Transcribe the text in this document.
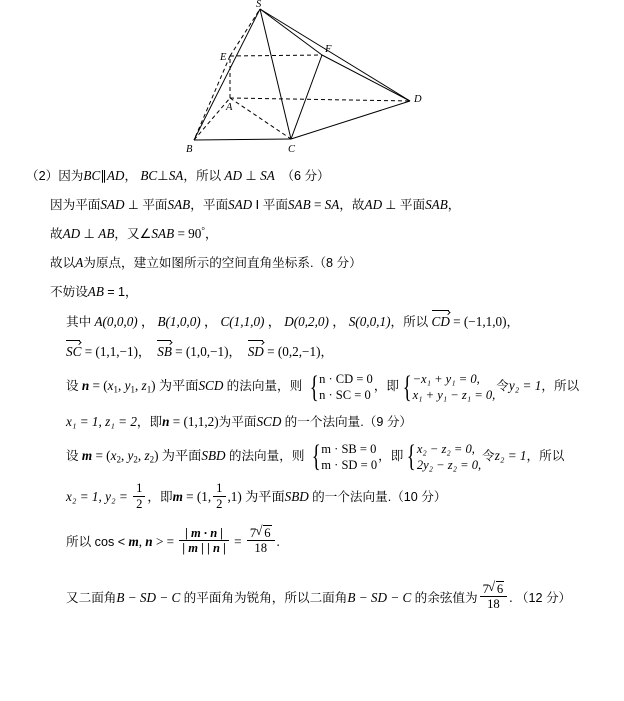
S
E
F
A
D
B	C

（2）因为BC∥AD， BC⊥SA，所以 AD ⊥ SA （6 分）

因为平面SAD ⊥ 平面SAB，平面SAD Ⅰ 平面SAB = SA，故AD ⊥ 平面SAB，

故AD ⊥ AB，又∠SAB = 90°，

故以A为原点，建立如图所示的空间直角坐标系.（8 分）

不妨设AB = 1，

其中 A(0,0,0) ， B(1,0,0) ， C(1,1,0) ， D(0,2,0) ， S(0,0,1)，所以 CD = (−1,1,0)，

SC = (1,1,−1)， SB = (1,0,−1)， SD = (0,2,−1)，

设 $n = (x_1$, $y_1$, $z_1$) 为平面SCD 的法向量，则 { n · CD = 0
n · SC = 0
，即 { −x₁ + y₁ = 0,
x₁ + y₁ − z₁ = 0,
令y₂ = 1，所以

x₁ = 1, z₁ = 2，即n = (1,1,2)为平面SCD 的一个法向量.（9 分）

设 $m = (x_2$, $y_2$, $z_2$) 为平面SBD 的法向量，则 { m · SB = 0
m · SD = 0
，即 { x₂ − z₂ = 0,
2y₂ − z₂ = 0,
令z₂ = 1，所以

x₂ = 1, $y_2 = \frac{1}{2}$ ，即m = (1, $\frac{1}{2} ,1$) 为平面SBD 的一个法向量.（10 分）

所以 cos < m, n > = $\frac{| m \cdot n |}{| m | | n |} = \frac{7 √ 6}{18}$ .

又二面角B − SD − C 的平面角为锐角，所以二面角B − SD − C 的余弦值为 $\frac{7 √ 6}{18}$ . （12 分）
